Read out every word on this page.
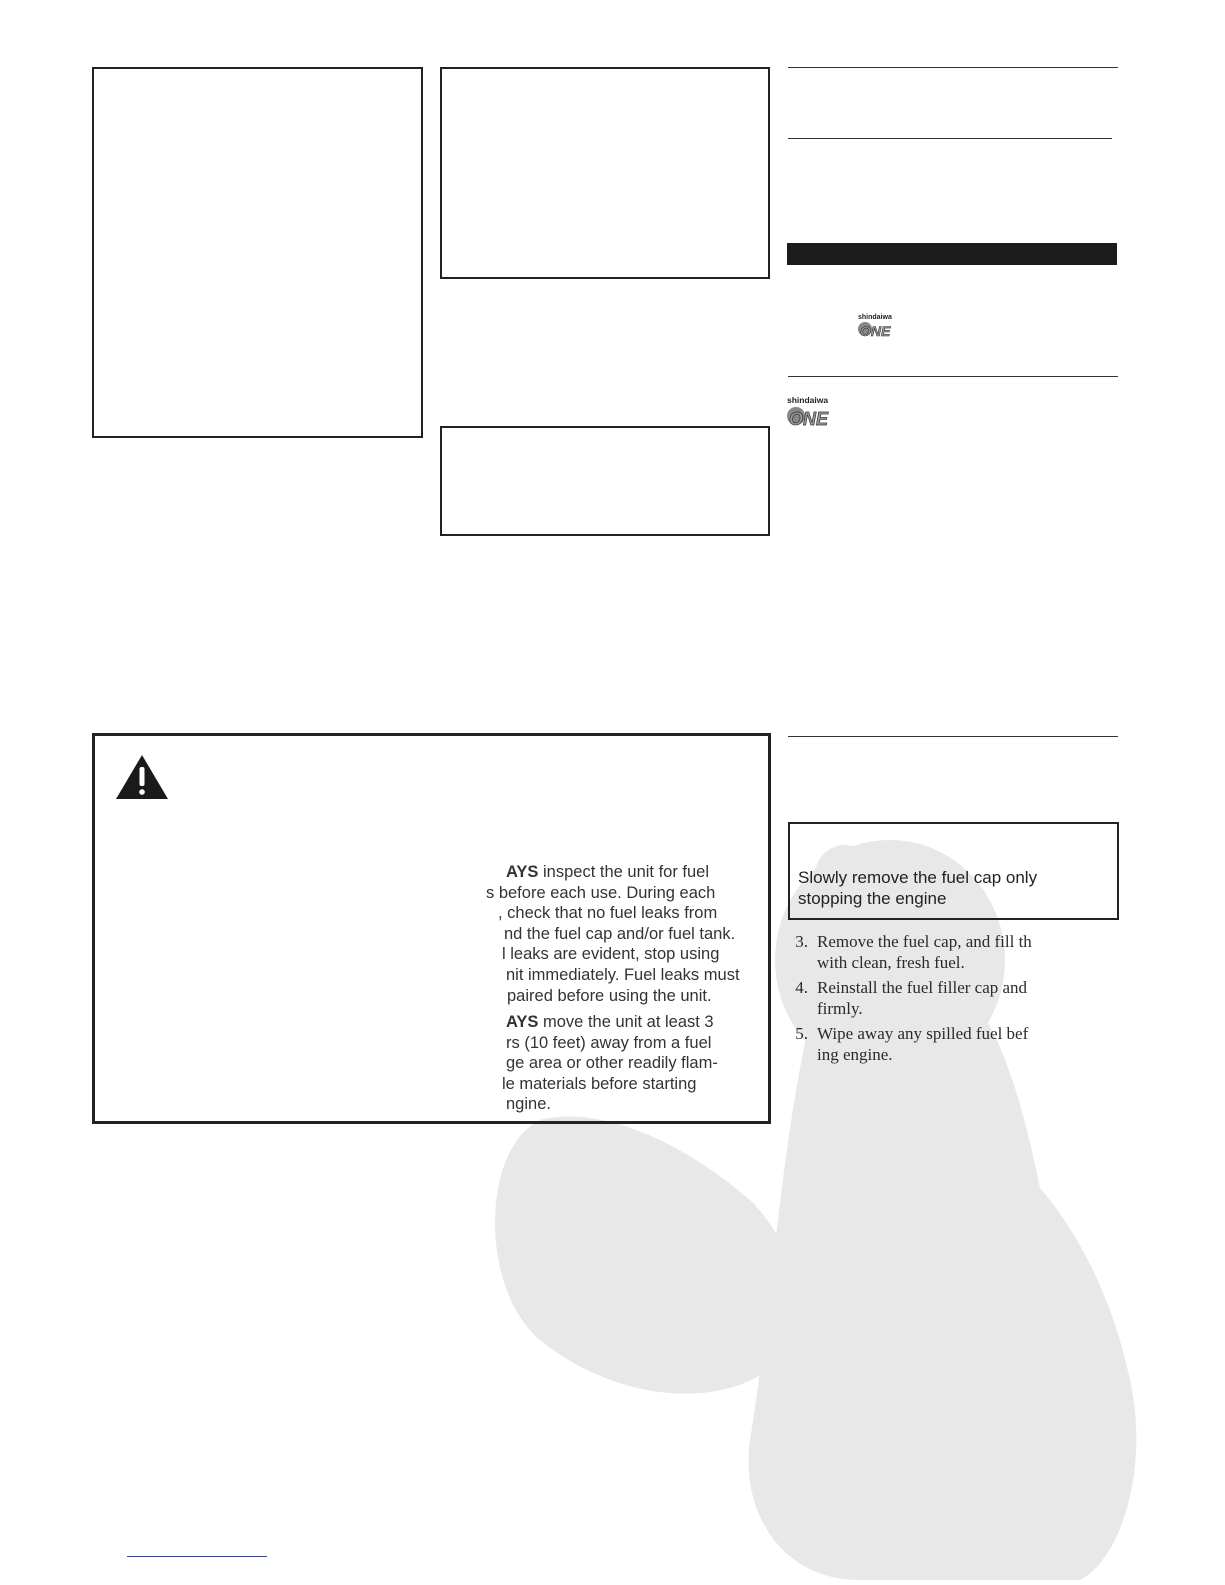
shindaiwa
ONE
shindaiwa
ONE
AYS inspect the unit for fuel
s before each use. During each
, check that no fuel leaks from
nd the fuel cap and/or fuel tank.
l leaks are evident, stop using
nit immediately. Fuel leaks must
paired before using the unit.
AYS move the unit at least 3
rs (10 feet) away from a fuel
ge area or other readily flam-
le materials before starting
ngine.
Slowly remove the fuel cap only
stopping the engine
3. Remove the fuel cap, and fill th
with clean, fresh fuel.
4. Reinstall the fuel filler cap and
firmly.
5. Wipe away any spilled fuel bef
ing engine.
